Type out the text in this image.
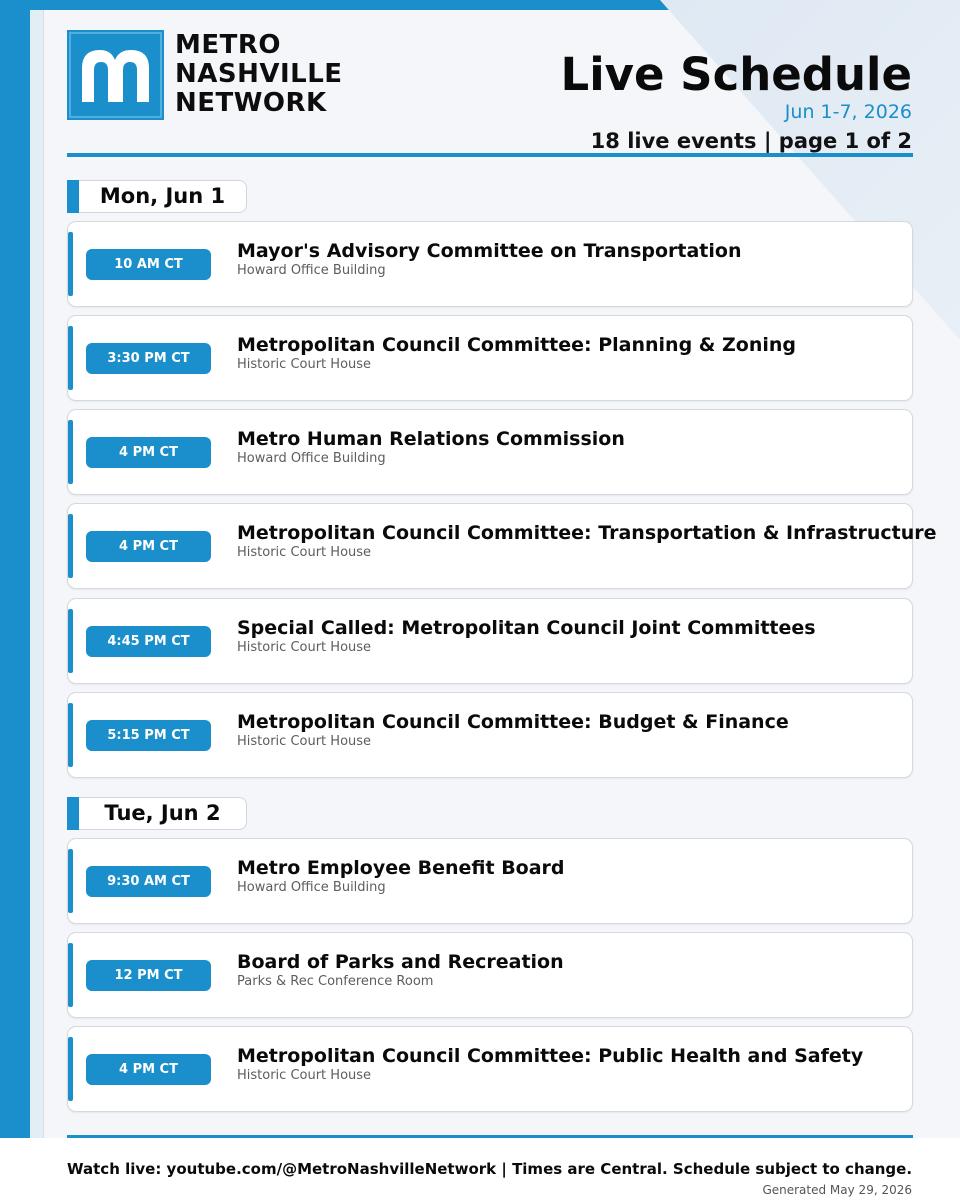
METRO
NASHVILLE
NETWORK
Live Schedule
Jun 1-7, 2026
18 live events | page 1 of 2
Mon, Jun 1
10 AM CT
Mayor's Advisory Committee on Transportation
Howard Office Building
3:30 PM CT
Metropolitan Council Committee: Planning & Zoning
Historic Court House
4 PM CT
Metro Human Relations Commission
Howard Office Building
4 PM CT
Metropolitan Council Committee: Transportation & Infrastructure
Historic Court House
4:45 PM CT
Special Called: Metropolitan Council Joint Committees
Historic Court House
5:15 PM CT
Metropolitan Council Committee: Budget & Finance
Historic Court House
Tue, Jun 2
9:30 AM CT
Metro Employee Benefit Board
Howard Office Building
12 PM CT
Board of Parks and Recreation
Parks & Rec Conference Room
4 PM CT
Metropolitan Council Committee: Public Health and Safety
Historic Court House
Watch live: youtube.com/@MetroNashvilleNetwork | Times are Central. Schedule subject to change.
Generated May 29, 2026
